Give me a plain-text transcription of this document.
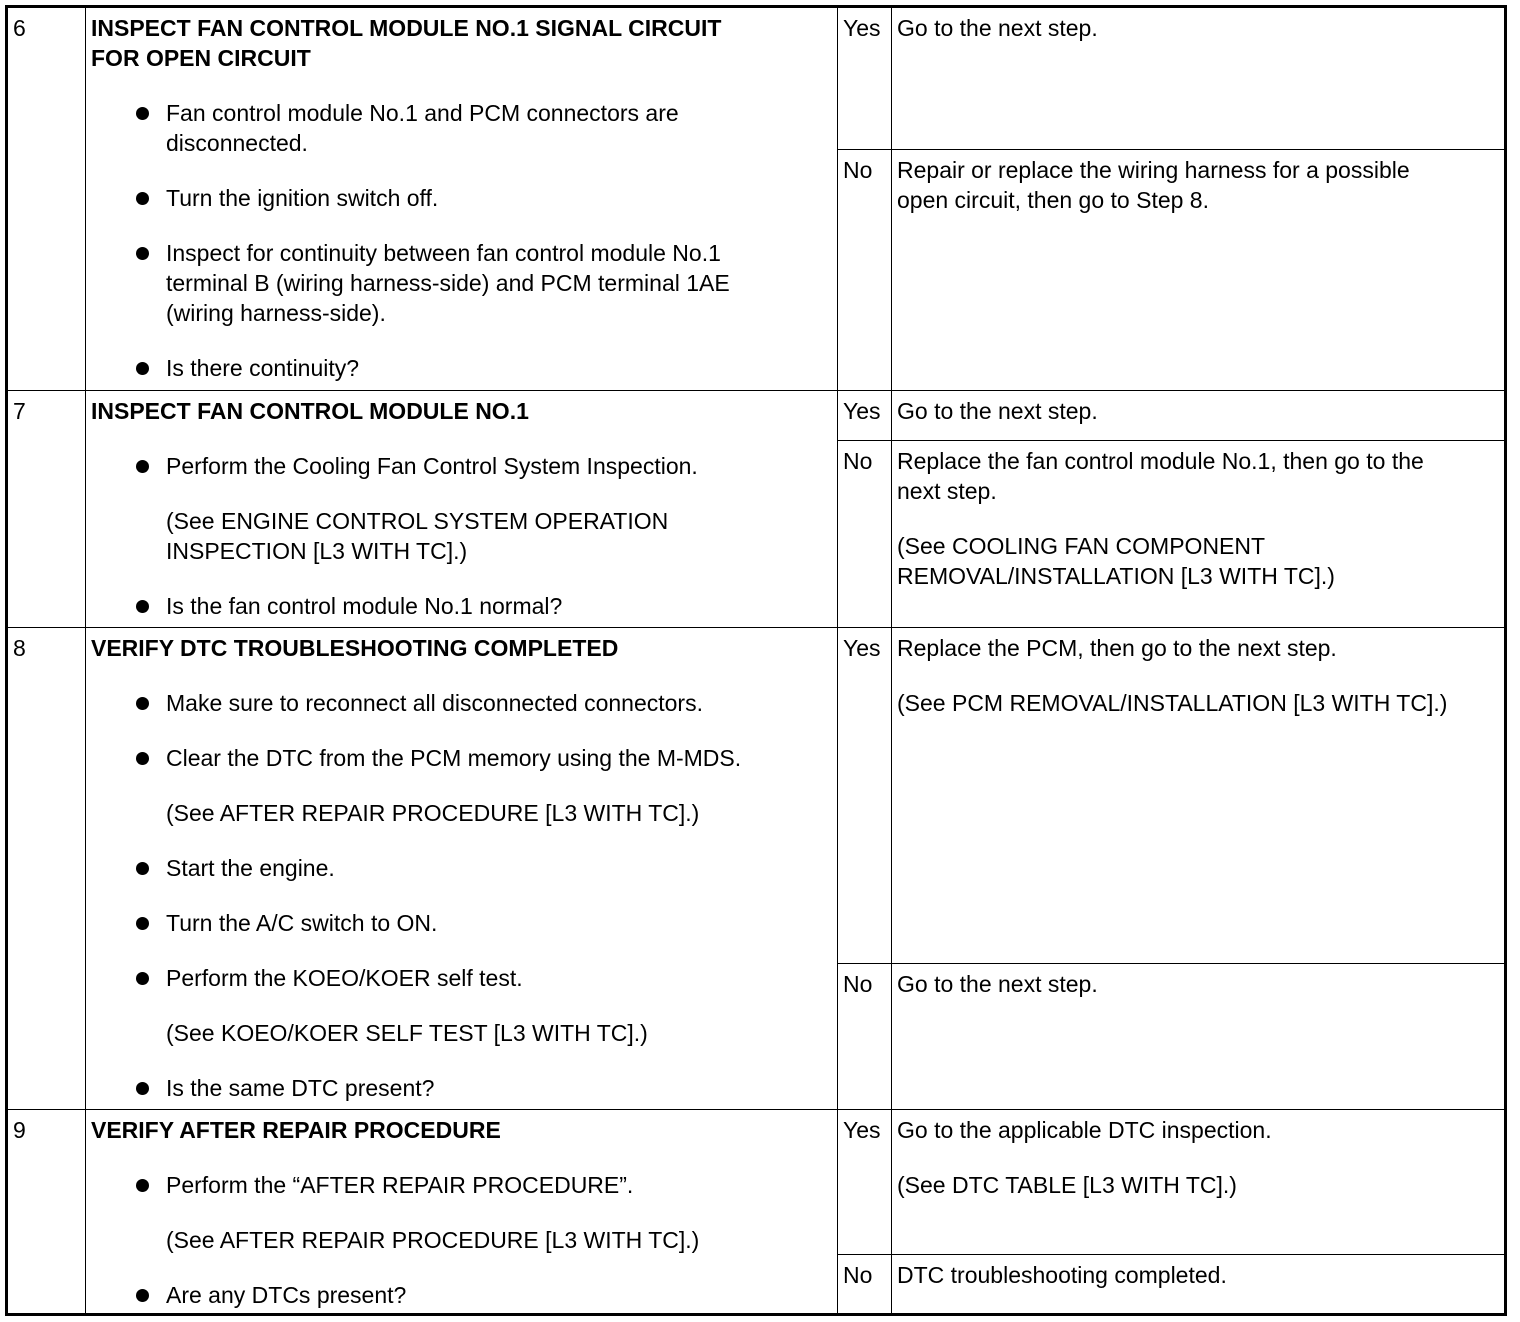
6	INSPECT FAN CONTROL MODULE NO.1 SIGNAL CIRCUIT
FOR OPEN CIRCUIT
Fan control module No.1 and PCM connectors are
disconnected.
Turn the ignition switch off.
Inspect for continuity between fan control module No.1
terminal B (wiring harness-side) and PCM terminal 1AE
(wiring harness-side).
Is there continuity?
Yes Go to the next step.
No Repair or replace the wiring harness for a possible
open circuit, then go to Step 8.
7	INSPECT FAN CONTROL MODULE NO.1
Perform the Cooling Fan Control System Inspection.
(See ENGINE CONTROL SYSTEM OPERATION
INSPECTION [L3 WITH TC].)
Is the fan control module No.1 normal?
Yes Go to the next step.
No Replace the fan control module No.1, then go to the
next step.
(See COOLING FAN COMPONENT
REMOVAL/INSTALLATION [L3 WITH TC].)
8	VERIFY DTC TROUBLESHOOTING COMPLETED
Make sure to reconnect all disconnected connectors.
Clear the DTC from the PCM memory using the M-MDS.
(See AFTER REPAIR PROCEDURE [L3 WITH TC].)
Start the engine.
Turn the A/C switch to ON.
Perform the KOEO/KOER self test.
(See KOEO/KOER SELF TEST [L3 WITH TC].)
Is the same DTC present?
Yes Replace the PCM, then go to the next step.
(See PCM REMOVAL/INSTALLATION [L3 WITH TC].)
No Go to the next step.
9	VERIFY AFTER REPAIR PROCEDURE
Perform the “AFTER REPAIR PROCEDURE”.
(See AFTER REPAIR PROCEDURE [L3 WITH TC].)
Are any DTCs present?
Yes Go to the applicable DTC inspection.
(See DTC TABLE [L3 WITH TC].)
No DTC troubleshooting completed.
